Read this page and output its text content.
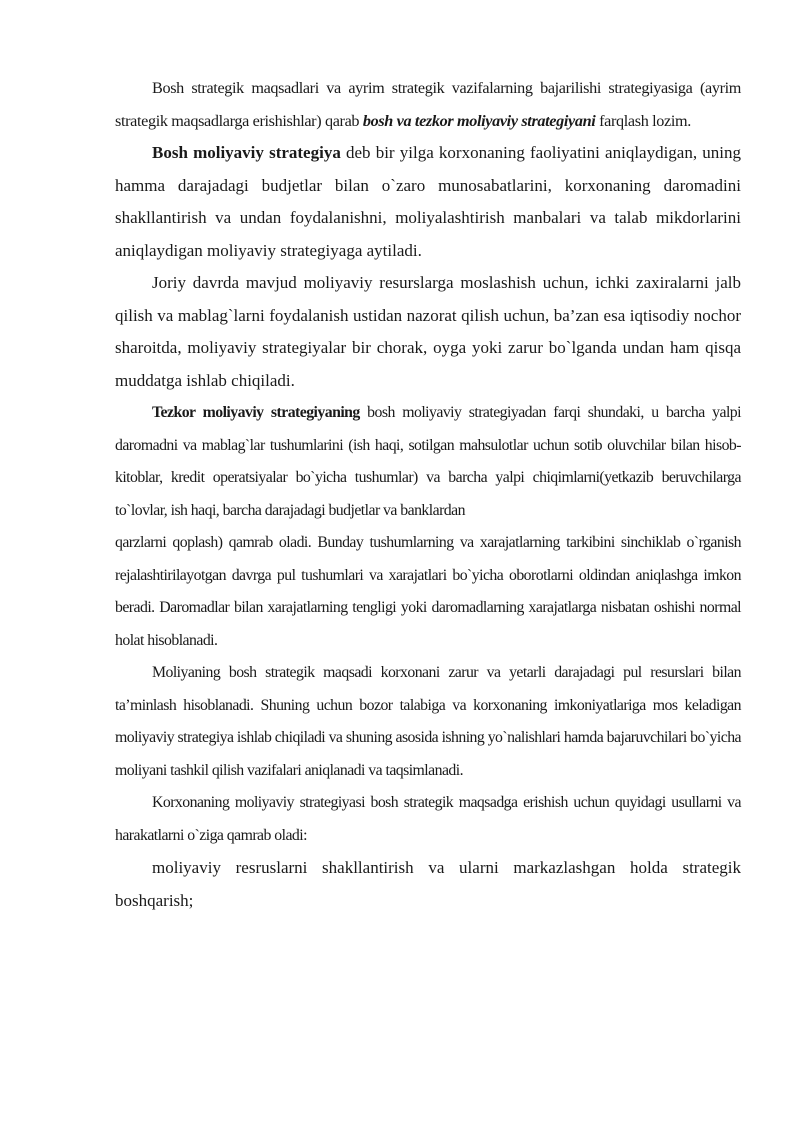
Bosh strategik maqsadlari va ayrim strategik vazifalarning bajarilishi strategiyasiga (ayrim strategik maqsadlarga erishishlar) qarab bosh va tezkor moliyaviy strategiyani farqlash lozim.

Bosh moliyaviy strategiya deb bir yilga korxonaning faoliyatini aniqlaydigan, uning hamma darajadagi budjetlar bilan o`zaro munosabatlarini, korxonaning daromadini shakllantirish va undan foydalanishni, moliyalashtirish manbalari va talab mikdorlarini aniqlaydigan moliyaviy strategiyaga aytiladi.

Joriy davrda mavjud moliyaviy resurslarga moslashish uchun, ichki zaxiralarni jalb qilish va mablag`larni foydalanish ustidan nazorat qilish uchun, ba’zan esa iqtisodiy nochor sharoitda, moliyaviy strategiyalar bir chorak, oyga yoki zarur bo`lganda undan ham qisqa muddatga ishlab chiqiladi.

Tezkor moliyaviy strategiyaning bosh moliyaviy strategiyadan farqi shundaki, u barcha yalpi daromadni va mablag`lar tushumlarini (ish haqi, sotilgan mahsulotlar uchun sotib oluvchilar bilan hisob-kitoblar, kredit operatsiyalar bo`yicha tushumlar) va barcha yalpi chiqimlarni(yetkazib beruvchilarga to`lovlar, ish haqi, barcha darajadagi budjetlar va banklardan

qarzlarni qoplash) qamrab oladi. Bunday tushumlarning va xarajatlarning tarkibini sinchiklab o`rganish rejalashtirilayotgan davrga pul tushumlari va xarajatlari bo`yicha oborotlarni oldindan aniqlashga imkon beradi. Daromadlar bilan xarajatlarning tengligi yoki daromadlarning xarajatlarga nisbatan oshishi normal holat hisoblanadi.

Moliyaning bosh strategik maqsadi korxonani zarur va yetarli darajadagi pul resurslari bilan ta’minlash hisoblanadi. Shuning uchun bozor talabiga va korxonaning imkoniyatlariga mos keladigan moliyaviy strategiya ishlab chiqiladi va shuning asosida ishning yo`nalishlari hamda bajaruvchilari bo`yicha moliyani tashkil qilish vazifalari aniqlanadi va taqsimlanadi.

Korxonaning moliyaviy strategiyasi bosh strategik maqsadga erishish uchun quyidagi usullarni va harakatlarni o`ziga qamrab oladi:

moliyaviy resruslarni shakllantirish va ularni markazlashgan holda strategik boshqarish;
